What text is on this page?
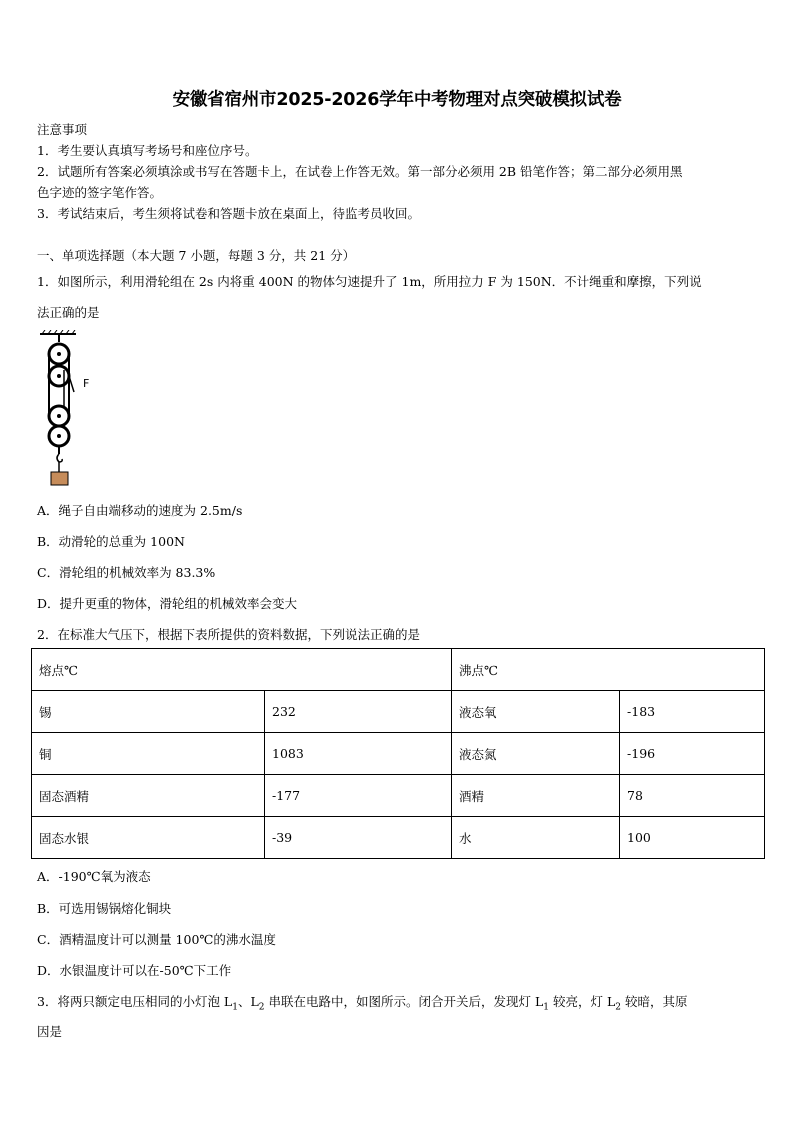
安徽省宿州市2025-2026学年中考物理对点突破模拟试卷
注意事项
1．考生要认真填写考场号和座位序号。
2．试题所有答案必须填涂或书写在答题卡上，在试卷上作答无效。第一部分必须用 2B 铅笔作答；第二部分必须用黑
色字迹的签字笔作答。
3．考试结束后，考生须将试卷和答题卡放在桌面上，待监考员收回。
一、单项选择题（本大题 7 小题，每题 3 分，共 21 分）
1．如图所示，利用滑轮组在 2s 内将重 400N 的物体匀速提升了 1m，所用拉力 F 为 150N．不计绳重和摩擦，下列说
法正确的是
F
A．绳子自由端移动的速度为 2.5m/s
B．动滑轮的总重为 100N
C．滑轮组的机械效率为 83.3%
D．提升更重的物体，滑轮组的机械效率会变大
2．在标准大气压下，根据下表所提供的资料数据，下列说法正确的是
熔点℃		沸点℃	
锡	232	液态氧	-183
铜	1083	液态氮	-196
固态酒精	-177	酒精	78
固态水银	-39	水	100
A．-190℃氧为液态
B．可选用锡锅熔化铜块
C．酒精温度计可以测量 100℃的沸水温度
D．水银温度计可以在-50℃下工作
3．将两只额定电压相同的小灯泡 $L_1$、$L_2$ 串联在电路中，如图所示。闭合开关后，发现灯 $L_1$ 较亮，灯 $L_2$ 较暗，其原
因是
